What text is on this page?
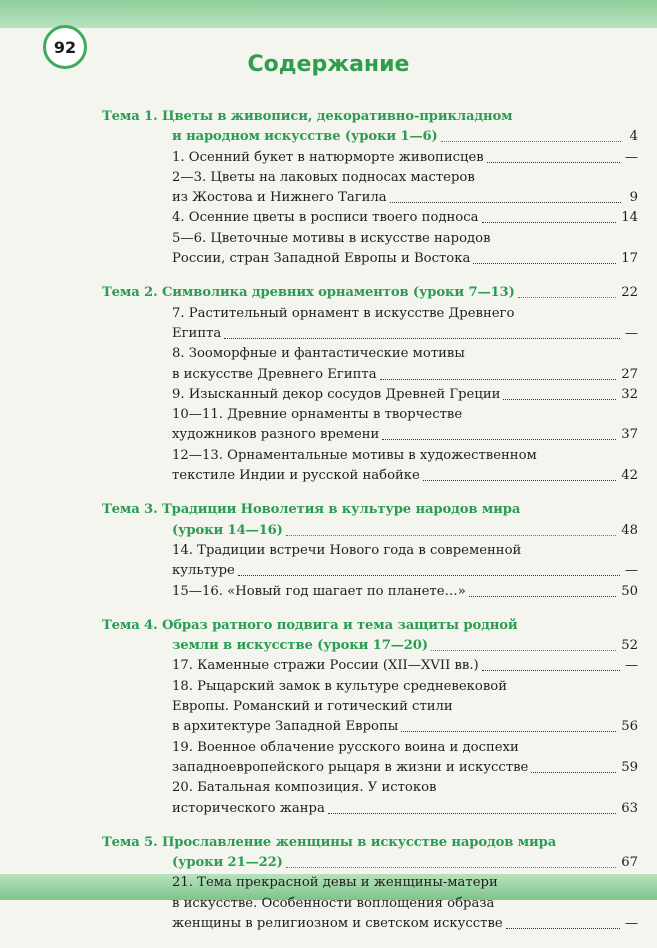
92
Содержание
Тема 1. Цветы в живописи, декоративно-прикладном
и народном искусстве (уроки 1—6)	4
1. Осенний букет в натюрморте живописцев	—
2—3. Цветы на лаковых подносах мастеров
из Жостова и Нижнего Тагила	9
4. Осенние цветы в росписи твоего подноса	14
5—6. Цветочные мотивы в искусстве народов
России, стран Западной Европы и Востока	17
Тема 2. Символика древних орнаментов (уроки 7—13)	22
7. Растительный орнамент в искусстве Древнего
Египта	—
8. Зооморфные и фантастические мотивы
в искусстве Древнего Египта	27
9. Изысканный декор сосудов Древней Греции	32
10—11. Древние орнаменты в творчестве
художников разного времени	37
12—13. Орнаментальные мотивы в художественном
текстиле Индии и русской набойке	42
Тема 3. Традиции Новолетия в культуре народов мира
(уроки 14—16)	48
14. Традиции встречи Нового года в современной
культуре	—
15—16. «Новый год шагает по планете…»	50
Тема 4. Образ ратного подвига и тема защиты родной
земли в искусстве (уроки 17—20)	52
17. Каменные стражи России (XII—XVII вв.)	—
18. Рыцарский замок в культуре средневековой
Европы. Романский и готический стили
в архитектуре Западной Европы	56
19. Военное облачение русского воина и доспехи
западноевропейского рыцаря в жизни и искусстве	59
20. Батальная композиция. У истоков
исторического жанра	63
Тема 5. Прославление женщины в искусстве народов мира
(уроки 21—22)	67
21. Тема прекрасной девы и женщины-матери
в искусстве. Особенности воплощения образа
женщины в религиозном и светском искусстве	—
